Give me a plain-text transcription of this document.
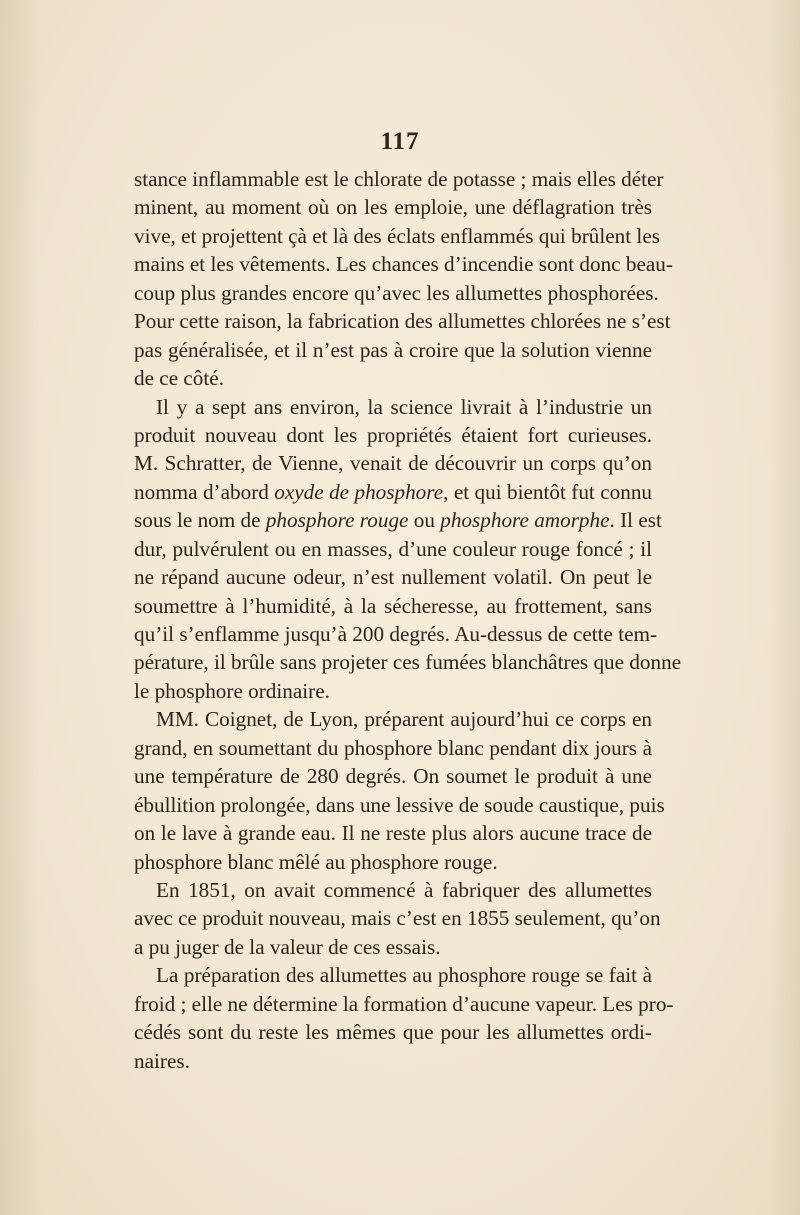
117
stance inflammable est le chlorate de potasse ; mais elles déter
minent, au moment où on les emploie, une déflagration très
vive, et projettent çà et là des éclats enflammés qui brûlent les
mains et les vêtements. Les chances d’incendie sont donc beau-
coup plus grandes encore qu’avec les allumettes phosphorées.
Pour cette raison, la fabrication des allumettes chlorées ne s’est
pas généralisée, et il n’est pas à croire que la solution vienne
de ce côté.
Il y a sept ans environ, la science livrait à l’industrie un
produit nouveau dont les propriétés étaient fort curieuses.
M. Schratter, de Vienne, venait de découvrir un corps qu’on
nomma d’abord oxyde de phosphore, et qui bientôt fut connu
sous le nom de phosphore rouge ou phosphore amorphe. Il est
dur, pulvérulent ou en masses, d’une couleur rouge foncé ; il
ne répand aucune odeur, n’est nullement volatil. On peut le
soumettre à l’humidité, à la sécheresse, au frottement, sans
qu’il s’enflamme jusqu’à 200 degrés. Au-dessus de cette tem-
pérature, il brûle sans projeter ces fumées blanchâtres que donne
le phosphore ordinaire.
MM. Coignet, de Lyon, préparent aujourd’hui ce corps en
grand, en soumettant du phosphore blanc pendant dix jours à
une température de 280 degrés. On soumet le produit à une
ébullition prolongée, dans une lessive de soude caustique, puis
on le lave à grande eau. Il ne reste plus alors aucune trace de
phosphore blanc mêlé au phosphore rouge.
En 1851, on avait commencé à fabriquer des allumettes
avec ce produit nouveau, mais c’est en 1855 seulement, qu’on
a pu juger de la valeur de ces essais.
La préparation des allumettes au phosphore rouge se fait à
froid ; elle ne détermine la formation d’aucune vapeur. Les pro-
cédés sont du reste les mêmes que pour les allumettes ordi-
naires.
